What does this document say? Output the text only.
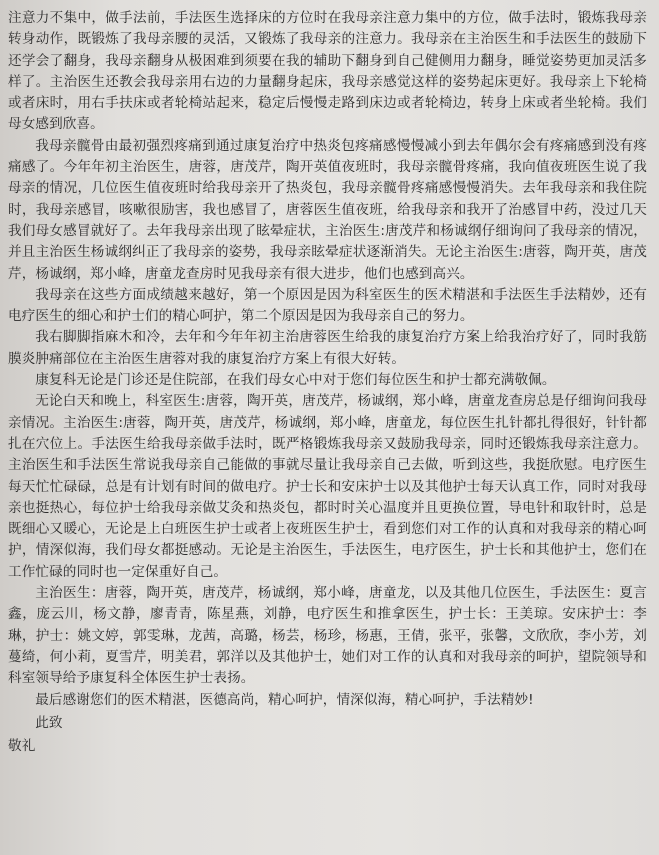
注意力不集中，做手法前，手法医生选择床的方位时在我母亲注意力集中的方位，做手法时，锻炼我母亲转身动作，既锻炼了我母亲腰的灵活，又锻炼了我母亲的注意力。我母亲在主治医生和手法医生的鼓励下还学会了翻身，我母亲翻身从极困难到须要在我的辅助下翻身到自己健侧用力翻身，睡觉姿势更加灵活多样了。主治医生还教会我母亲用右边的力量翻身起床，我母亲感觉这样的姿势起床更好。我母亲上下轮椅或者床时，用右手扶床或者轮椅站起来，稳定后慢慢走路到床边或者轮椅边，转身上床或者坐轮椅。我们母女感到欣喜。

我母亲髋骨由最初强烈疼痛到通过康复治疗中热炎包疼痛感慢慢减小到去年偶尔会有疼痛感到没有疼痛感了。今年年初主治医生，唐蓉，唐茂芹，陶开英值夜班时，我母亲髋骨疼痛，我向值夜班医生说了我母亲的情况，几位医生值夜班时给我母亲开了热炎包，我母亲髋骨疼痛感慢慢消失。去年我母亲和我住院时，我母亲感冒，咳嗽很励害，我也感冒了，唐蓉医生值夜班，给我母亲和我开了治感冒中药，没过几天我们母女感冒就好了。去年我母亲出现了眩晕症状，主治医生:唐茂芹和杨诚纲仔细询问了我母亲的情况，并且主治医生杨诚纲纠正了我母亲的姿势，我母亲眩晕症状逐渐消失。无论主治医生:唐蓉，陶开英，唐茂芹，杨诚纲，郑小峰，唐童龙查房时见我母亲有很大进步，他们也感到高兴。

我母亲在这些方面成绩越来越好，第一个原因是因为科室医生的医术精湛和手法医生手法精妙，还有电疗医生的细心和护士们的精心呵护，第二个原因是因为我母亲自己的努力。

我右脚脚指麻木和冷，去年和今年年初主治唐蓉医生给我的康复治疗方案上给我治疗好了，同时我筋膜炎肿痛部位在主治医生唐蓉对我的康复治疗方案上有很大好转。

康复科无论是门诊还是住院部，在我们母女心中对于您们每位医生和护士都充满敬佩。

无论白天和晚上，科室医生:唐蓉，陶开英，唐茂芹，杨诚纲，郑小峰，唐童龙查房总是仔细询问我母亲情况。主治医生:唐蓉，陶开英，唐茂芹，杨诚纲，郑小峰，唐童龙，每位医生扎针都扎得很好，针针都扎在穴位上。手法医生给我母亲做手法时，既严格锻炼我母亲又鼓励我母亲，同时还锻炼我母亲注意力。主治医生和手法医生常说我母亲自己能做的事就尽量让我母亲自己去做，听到这些，我挺欣慰。电疗医生每天忙忙碌碌，总是有计划有时间的做电疗。护士长和安床护士以及其他护士每天认真工作，同时对我母亲也挺热心，每位护士给我母亲做艾灸和热炎包，都时时关心温度并且更换位置，导电针和取针时，总是既细心又暖心，无论是上白班医生护士或者上夜班医生护士，看到您们对工作的认真和对我母亲的精心呵护，情深似海，我们母女都挺感动。无论是主治医生，手法医生，电疗医生，护士长和其他护士，您们在工作忙碌的同时也一定保重好自己。

主治医生：唐蓉，陶开英，唐茂芹，杨诚纲，郑小峰，唐童龙，以及其他几位医生，手法医生：夏言鑫，庞云川，杨文静，廖青青，陈星燕，刘静，电疗医生和推拿医生，护士长：王美琼。安床护士：李琳，护士：姚文婷，郭雯琳，龙茜，高璐，杨芸，杨珍，杨惠，王倩，张平，张馨，文欣欣，李小芳，刘蔓绮，何小莉，夏雪芹，明美君，郭洋以及其他护士，她们对工作的认真和对我母亲的呵护，望院领导和科室领导给予康复科全体医生护士表扬。

最后感谢您们的医术精湛，医德高尚，精心呵护，情深似海，精心呵护，手法精妙!

此致

敬礼
